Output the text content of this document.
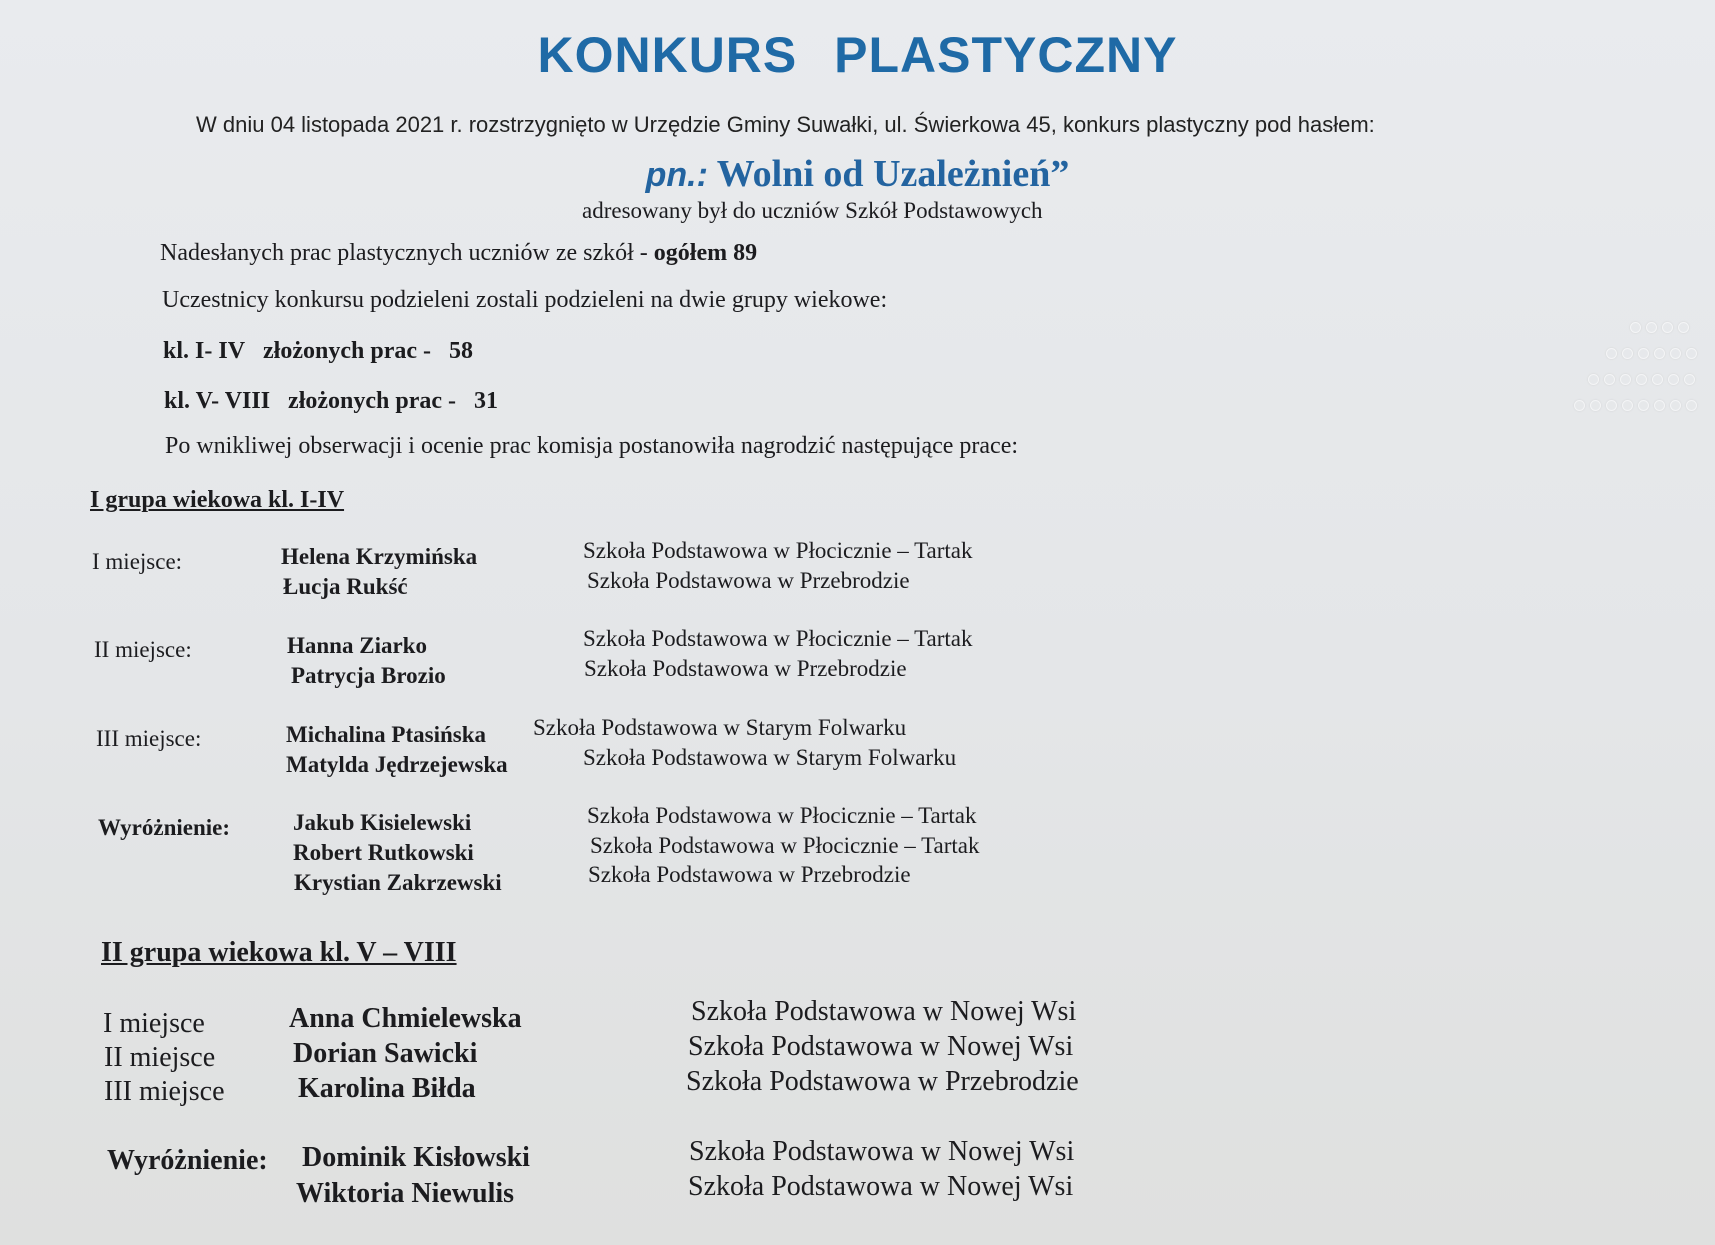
KONKURS PLASTYCZNY
W dniu 04 listopada 2021 r. rozstrzygnięto w Urzędzie Gminy Suwałki, ul. Świerkowa 45, konkurs plastyczny pod hasłem:
pn.: Wolni od Uzależnień”
adresowany był do uczniów Szkół Podstawowych
Nadesłanych prac plastycznych uczniów ze szkół - ogółem 89
Uczestnicy konkursu podzieleni zostali podzieleni na dwie grupy wiekowe:
kl. I- IV złożonych prac - 58
kl. V- VIII złożonych prac - 31
Po wnikliwej obserwacji i ocenie prac komisja postanowiła nagrodzić następujące prace:
I grupa wiekowa kl. I-IV
I miejsce:	Helena Krzymińska	Szkoła Podstawowa w Płocicznie – Tartak
Łucja Rukść	Szkoła Podstawowa w Przebrodzie
II miejsce:	Hanna Ziarko	Szkoła Podstawowa w Płocicznie – Tartak
Patrycja Brozio	Szkoła Podstawowa w Przebrodzie
III miejsce:	Michalina Ptasińska Szkoła Podstawowa w Starym Folwarku
Matylda Jędrzejewska	Szkoła Podstawowa w Starym Folwarku
Wyróżnienie:	Jakub Kisielewski	Szkoła Podstawowa w Płocicznie – Tartak
Robert Rutkowski	Szkoła Podstawowa w Płocicznie – Tartak
Krystian Zakrzewski	Szkoła Podstawowa w Przebrodzie
II grupa wiekowa kl. V – VIII
I miejsce	Anna Chmielewska	Szkoła Podstawowa w Nowej Wsi
II miejsce	Dorian Sawicki	Szkoła Podstawowa w Nowej Wsi
III miejsce	Karolina Biłda	Szkoła Podstawowa w Przebrodzie
Wyróżnienie: Dominik Kisłowski	Szkoła Podstawowa w Nowej Wsi
Wiktoria Niewulis	Szkoła Podstawowa w Nowej Wsi
